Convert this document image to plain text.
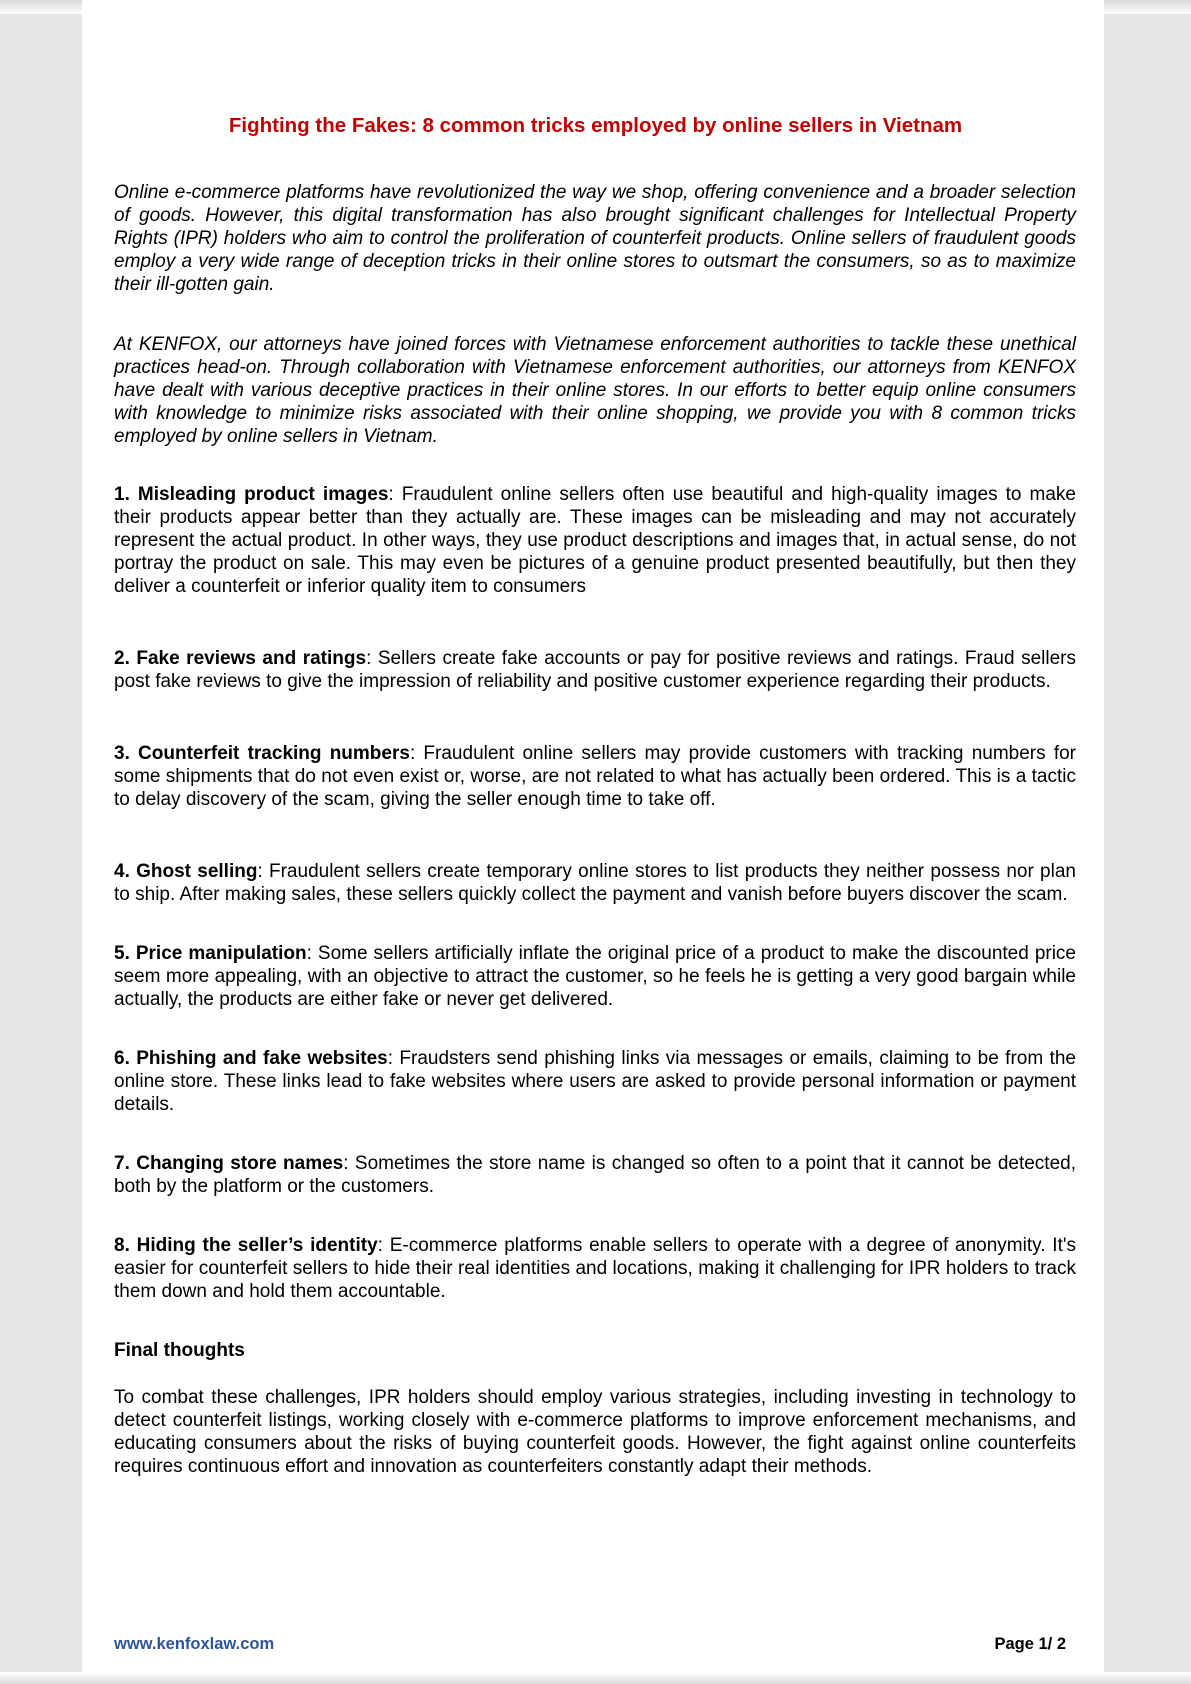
Fighting the Fakes: 8 common tricks employed by online sellers in Vietnam

Online e-commerce platforms have revolutionized the way we shop, offering convenience and a broader selection of goods. However, this digital transformation has also brought significant challenges for Intellectual Property Rights (IPR) holders who aim to control the proliferation of counterfeit products. Online sellers of fraudulent goods employ a very wide range of deception tricks in their online stores to outsmart the consumers, so as to maximize their ill-gotten gain.

At KENFOX, our attorneys have joined forces with Vietnamese enforcement authorities to tackle these unethical practices head-on. Through collaboration with Vietnamese enforcement authorities, our attorneys from KENFOX have dealt with various deceptive practices in their online stores. In our efforts to better equip online consumers with knowledge to minimize risks associated with their online shopping, we provide you with 8 common tricks employed by online sellers in Vietnam.

1. Misleading product images: Fraudulent online sellers often use beautiful and high-quality images to make their products appear better than they actually are. These images can be misleading and may not accurately represent the actual product. In other ways, they use product descriptions and images that, in actual sense, do not portray the product on sale. This may even be pictures of a genuine product presented beautifully, but then they deliver a counterfeit or inferior quality item to consumers

2. Fake reviews and ratings: Sellers create fake accounts or pay for positive reviews and ratings. Fraud sellers post fake reviews to give the impression of reliability and positive customer experience regarding their products.

3. Counterfeit tracking numbers: Fraudulent online sellers may provide customers with tracking numbers for some shipments that do not even exist or, worse, are not related to what has actually been ordered. This is a tactic to delay discovery of the scam, giving the seller enough time to take off.

4. Ghost selling: Fraudulent sellers create temporary online stores to list products they neither possess nor plan to ship. After making sales, these sellers quickly collect the payment and vanish before buyers discover the scam.

5. Price manipulation: Some sellers artificially inflate the original price of a product to make the discounted price seem more appealing, with an objective to attract the customer, so he feels he is getting a very good bargain while actually, the products are either fake or never get delivered.

6. Phishing and fake websites: Fraudsters send phishing links via messages or emails, claiming to be from the online store. These links lead to fake websites where users are asked to provide personal information or payment details.

7. Changing store names: Sometimes the store name is changed so often to a point that it cannot be detected, both by the platform or the customers.

8. Hiding the seller’s identity: E-commerce platforms enable sellers to operate with a degree of anonymity. It's easier for counterfeit sellers to hide their real identities and locations, making it challenging for IPR holders to track them down and hold them accountable.

Final thoughts

To combat these challenges, IPR holders should employ various strategies, including investing in technology to detect counterfeit listings, working closely with e-commerce platforms to improve enforcement mechanisms, and educating consumers about the risks of buying counterfeit goods. However, the fight against online counterfeits requires continuous effort and innovation as counterfeiters constantly adapt their methods.

www.kenfoxlaw.com	Page 1/ 2
